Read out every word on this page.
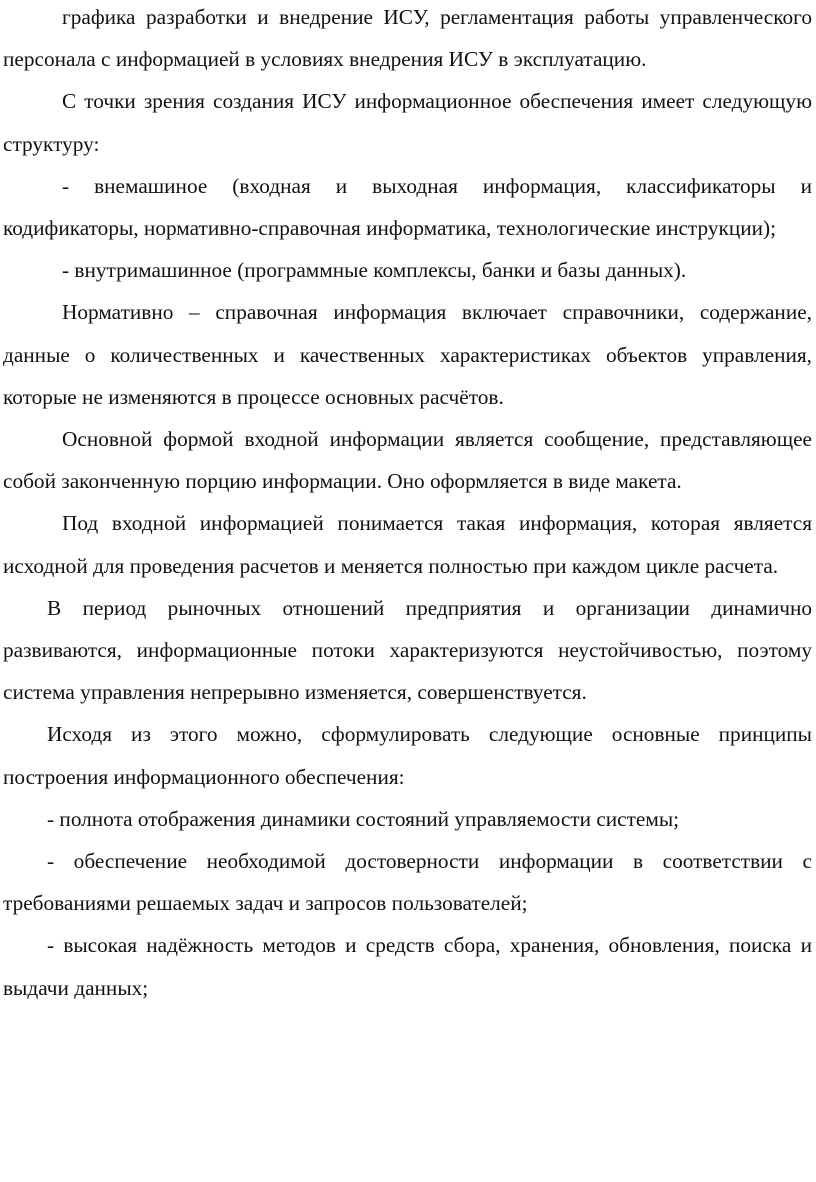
графика разработки и внедрение ИСУ, регламентация работы управленческого персонала с информацией в условиях внедрения ИСУ в эксплуатацию.

С точки зрения создания ИСУ информационное обеспечения имеет следующую структуру:

- внемашиное (входная и выходная информация, классификаторы и кодификаторы, нормативно-справочная информатика, технологические инструкции);

- внутримашинное (программные комплексы, банки и базы данных).

Нормативно – справочная информация включает справочники, содержание, данные о количественных и качественных характеристиках объектов управления, которые не изменяются в процессе основных расчётов.

Основной формой входной информации является сообщение, представляющее собой законченную порцию информации. Оно оформляется в виде макета.

Под входной информацией понимается такая информация, которая является исходной для проведения расчетов и меняется полностью при каждом цикле расчета.

В период рыночных отношений предприятия и организации динамично развиваются, информационные потоки характеризуются неустойчивостью, поэтому система управления непрерывно изменяется, совершенствуется.

Исходя из этого можно, сформулировать следующие основные принципы построения информационного обеспечения:

- полнота отображения динамики состояний управляемости системы;

- обеспечение необходимой достоверности информации в соответствии с требованиями решаемых задач и запросов пользователей;

- высокая надёжность методов и средств сбора, хранения, обновления, поиска и выдачи данных;
